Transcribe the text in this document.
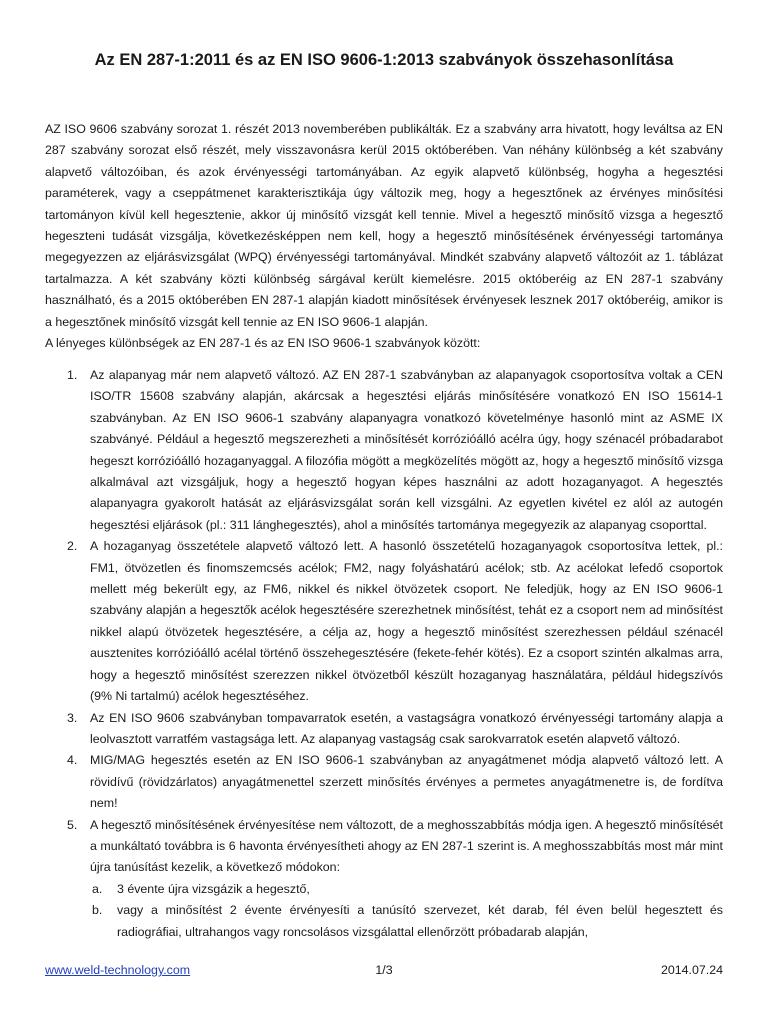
Az EN 287-1:2011 és az EN ISO 9606-1:2013 szabványok összehasonlítása

AZ ISO 9606 szabvány sorozat 1. részét 2013 novemberében publikálták. Ez a szabvány arra hivatott, hogy leváltsa az EN 287 szabvány sorozat első részét, mely visszavonásra kerül 2015 októberében. Van néhány különbség a két szabvány alapvető változóiban, és azok érvényességi tartományában. Az egyik alapvető különbség, hogyha a hegesztési paraméterek, vagy a cseppátmenet karakterisztikája úgy változik meg, hogy a hegesztőnek az érvényes minősítési tartományon kívül kell hegesztenie, akkor új minősítő vizsgát kell tennie. Mivel a hegesztő minősítő vizsga a hegesztő hegeszteni tudását vizsgálja, következésképpen nem kell, hogy a hegesztő minősítésének érvényességi tartománya megegyezzen az eljárásvizsgálat (WPQ) érvényességi tartományával. Mindkét szabvány alapvető változóit az 1. táblázat tartalmazza. A két szabvány közti különbség sárgával került kiemelésre. 2015 októberéig az EN 287-1 szabvány használható, és a 2015 októberében EN 287-1 alapján kiadott minősítések érvényesek lesznek 2017 októberéig, amikor is a hegesztőnek minősítő vizsgát kell tennie az EN ISO 9606-1 alapján.

A lényeges különbségek az EN 287-1 és az EN ISO 9606-1 szabványok között:

1. Az alapanyag már nem alapvető változó. AZ EN 287-1 szabványban az alapanyagok csoportosítva voltak a CEN ISO/TR 15608 szabvány alapján, akárcsak a hegesztési eljárás minősítésére vonatkozó EN ISO 15614-1 szabványban. Az EN ISO 9606-1 szabvány alapanyagra vonatkozó követelménye hasonló mint az ASME IX szabványé. Például a hegesztő megszerezheti a minősítését korrózióálló acélra úgy, hogy szénacél próbadarabot hegeszt korrózióálló hozaganyaggal. A filozófia mögött a megközelítés mögött az, hogy a hegesztő minősítő vizsga alkalmával azt vizsgáljuk, hogy a hegesztő hogyan képes használni az adott hozaganyagot. A hegesztés alapanyagra gyakorolt hatását az eljárásvizsgálat során kell vizsgálni. Az egyetlen kivétel ez alól az autogén hegesztési eljárások (pl.: 311 lánghegesztés), ahol a minősítés tartománya megegyezik az alapanyag csoporttal.
2. A hozaganyag összetétele alapvető változó lett. A hasonló összetételű hozaganyagok csoportosítva lettek, pl.: FM1, ötvözetlen és finomszemcsés acélok; FM2, nagy folyáshatárú acélok; stb. Az acélokat lefedő csoportok mellett még bekerült egy, az FM6, nikkel és nikkel ötvözetek csoport. Ne feledjük, hogy az EN ISO 9606-1 szabvány alapján a hegesztők acélok hegesztésére szerezhetnek minősítést, tehát ez a csoport nem ad minősítést nikkel alapú ötvözetek hegesztésére, a célja az, hogy a hegesztő minősítést szerezhessen például szénacél ausztenites korrózióálló acélal történő összehegesztésére (fekete-fehér kötés). Ez a csoport szintén alkalmas arra, hogy a hegesztő minősítést szerezzen nikkel ötvözetből készült hozaganyag használatára, például hidegszívós (9% Ni tartalmú) acélok hegesztéséhez.
3. Az EN ISO 9606 szabványban tompavarratok esetén, a vastagságra vonatkozó érvényességi tartomány alapja a leolvasztott varratfém vastagsága lett. Az alapanyag vastagság csak sarokvarratok esetén alapvető változó.
4. MIG/MAG hegesztés esetén az EN ISO 9606-1 szabványban az anyagátmenet módja alapvető változó lett. A rövidívű (rövidzárlatos) anyagátmenettel szerzett minősítés érvényes a permetes anyagátmenetre is, de fordítva nem!
5. A hegesztő minősítésének érvényesítése nem változott, de a meghosszabbítás módja igen. A hegesztő minősítését a munkáltató továbbra is 6 havonta érvényesítheti ahogy az EN 287-1 szerint is. A meghosszabbítás most már mint újra tanúsítást kezelik, a következő módokon:
a. 3 évente újra vizsgázik a hegesztő,
b. vagy a minősítést 2 évente érvényesíti a tanúsító szervezet, két darab, fél éven belül hegesztett és radiográfiai, ultrahangos vagy roncsolásos vizsgálattal ellenőrzött próbadarab alapján,
www.weld-technology.com	1/3	2014.07.24
